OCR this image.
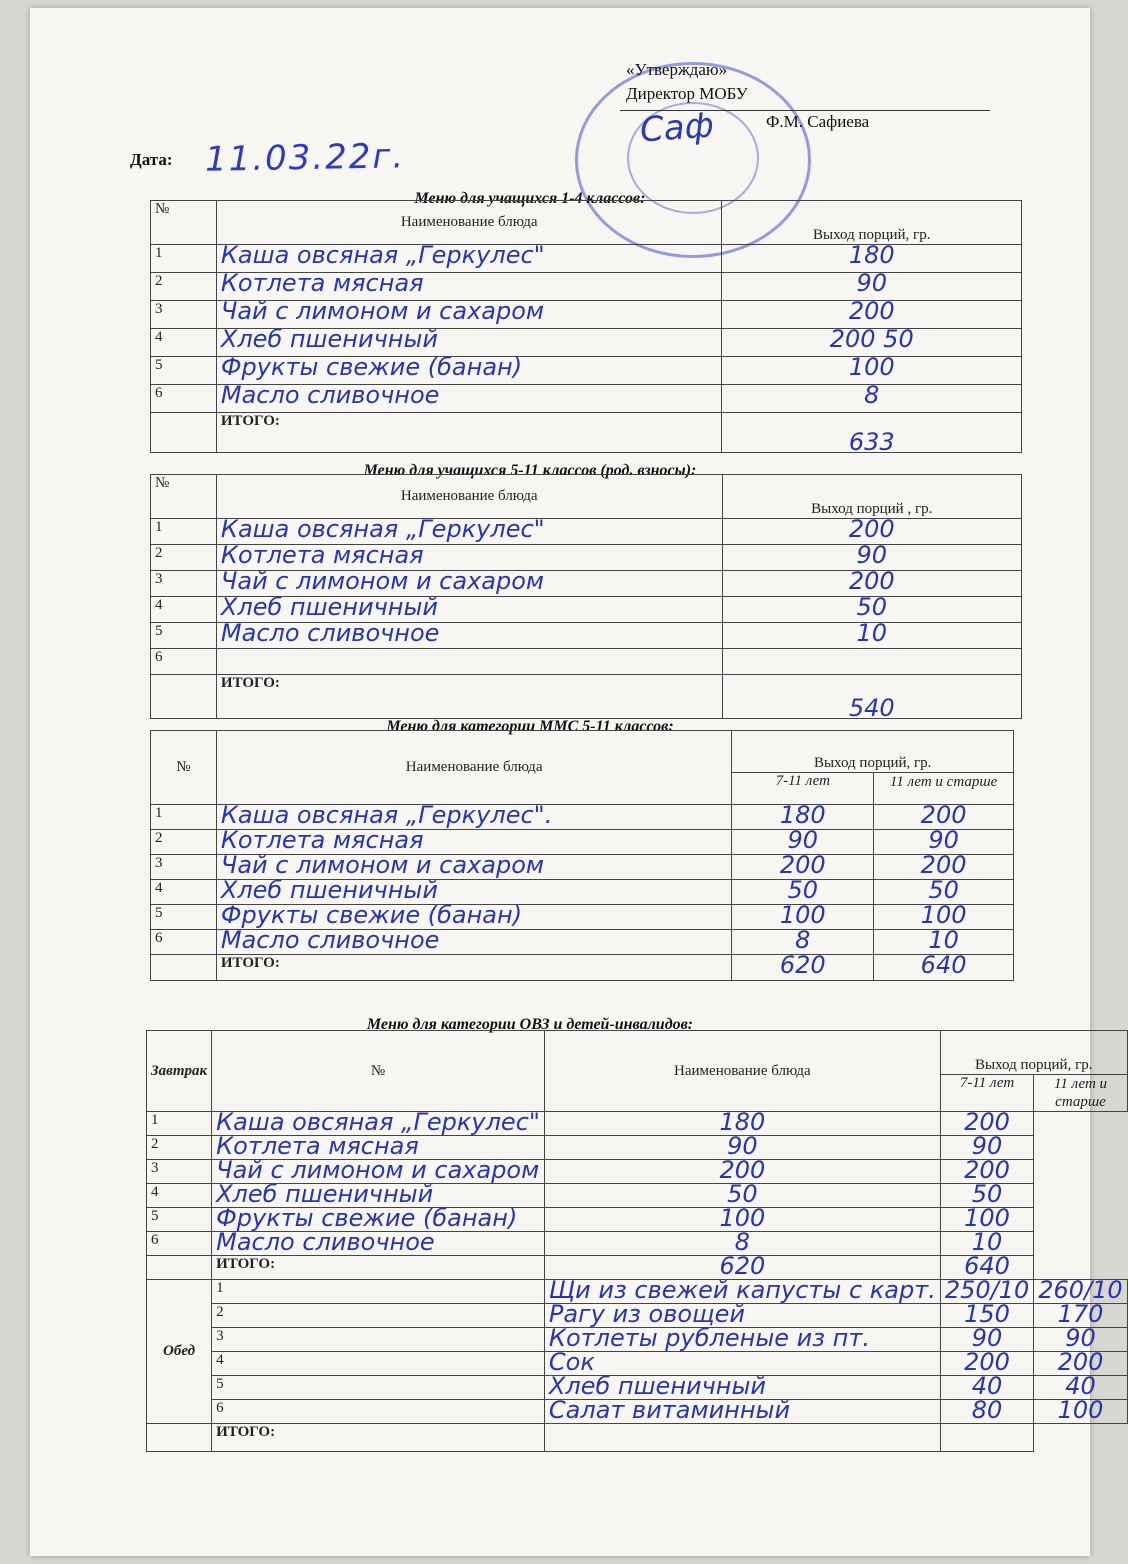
«Утверждаю»
Директор МОБУ
Саф	Ф.М. Сафиева
Дата: 11.03.22г.
Меню для учащихся 1-4 классов:
№	Наименование блюда	Выход порций, гр.
1	Каша овсяная „Геркулес"	180
2	Котлета мясная	90
3	Чай с лимоном и сахаром	200
4	Хлеб пшеничный	200 50
5	Фрукты свежие (банан)	100
6	Масло сливочное	8
	ИТОГО:	633
Меню для учащихся 5-11 классов (род. взносы):
№	Наименование блюда	Выход порций , гр.
1	Каша овсяная „Геркулес"	200
2	Котлета мясная	90
3	Чай с лимоном и сахаром	200
4	Хлеб пшеничный	50
5	Масло сливочное	10
6		
	ИТОГО:	540
Меню для категории ММС 5-11 классов:
№	Наименование блюда	Выход порций, гр.	
		7-11 лет	11 лет и старше
1	Каша овсяная „Геркулес".	180	200
2	Котлета мясная	90	90
3	Чай с лимоном и сахаром	200	200
4	Хлеб пшеничный	50	50
5	Фрукты свежие (банан)	100	100
6	Масло сливочное	8	10
	ИТОГО:	620	640
Меню для категории ОВЗ и детей-инвалидов:
Завтрак	№	Наименование блюда	Выход порций, гр.	
			7-11 лет	11 лет и старше
1	Каша овсяная „Геркулес"	180	200	
2	Котлета мясная	90	90	
3	Чай с лимоном и сахаром	200	200	
4	Хлеб пшеничный	50	50	
5	Фрукты свежие (банан)	100	100	
6	Масло сливочное	8	10	
	ИТОГО:	620	640	
Обед	1	Щи из свежей капусты с карт.	250/10	260/10
	2	Рагу из овощей	150	170
	3	Котлеты рубленые из пт.	90	90
	4	Сок	200	200
	5	Хлеб пшеничный	40	40
	6	Салат витаминный	80	100
	ИТОГО:			
